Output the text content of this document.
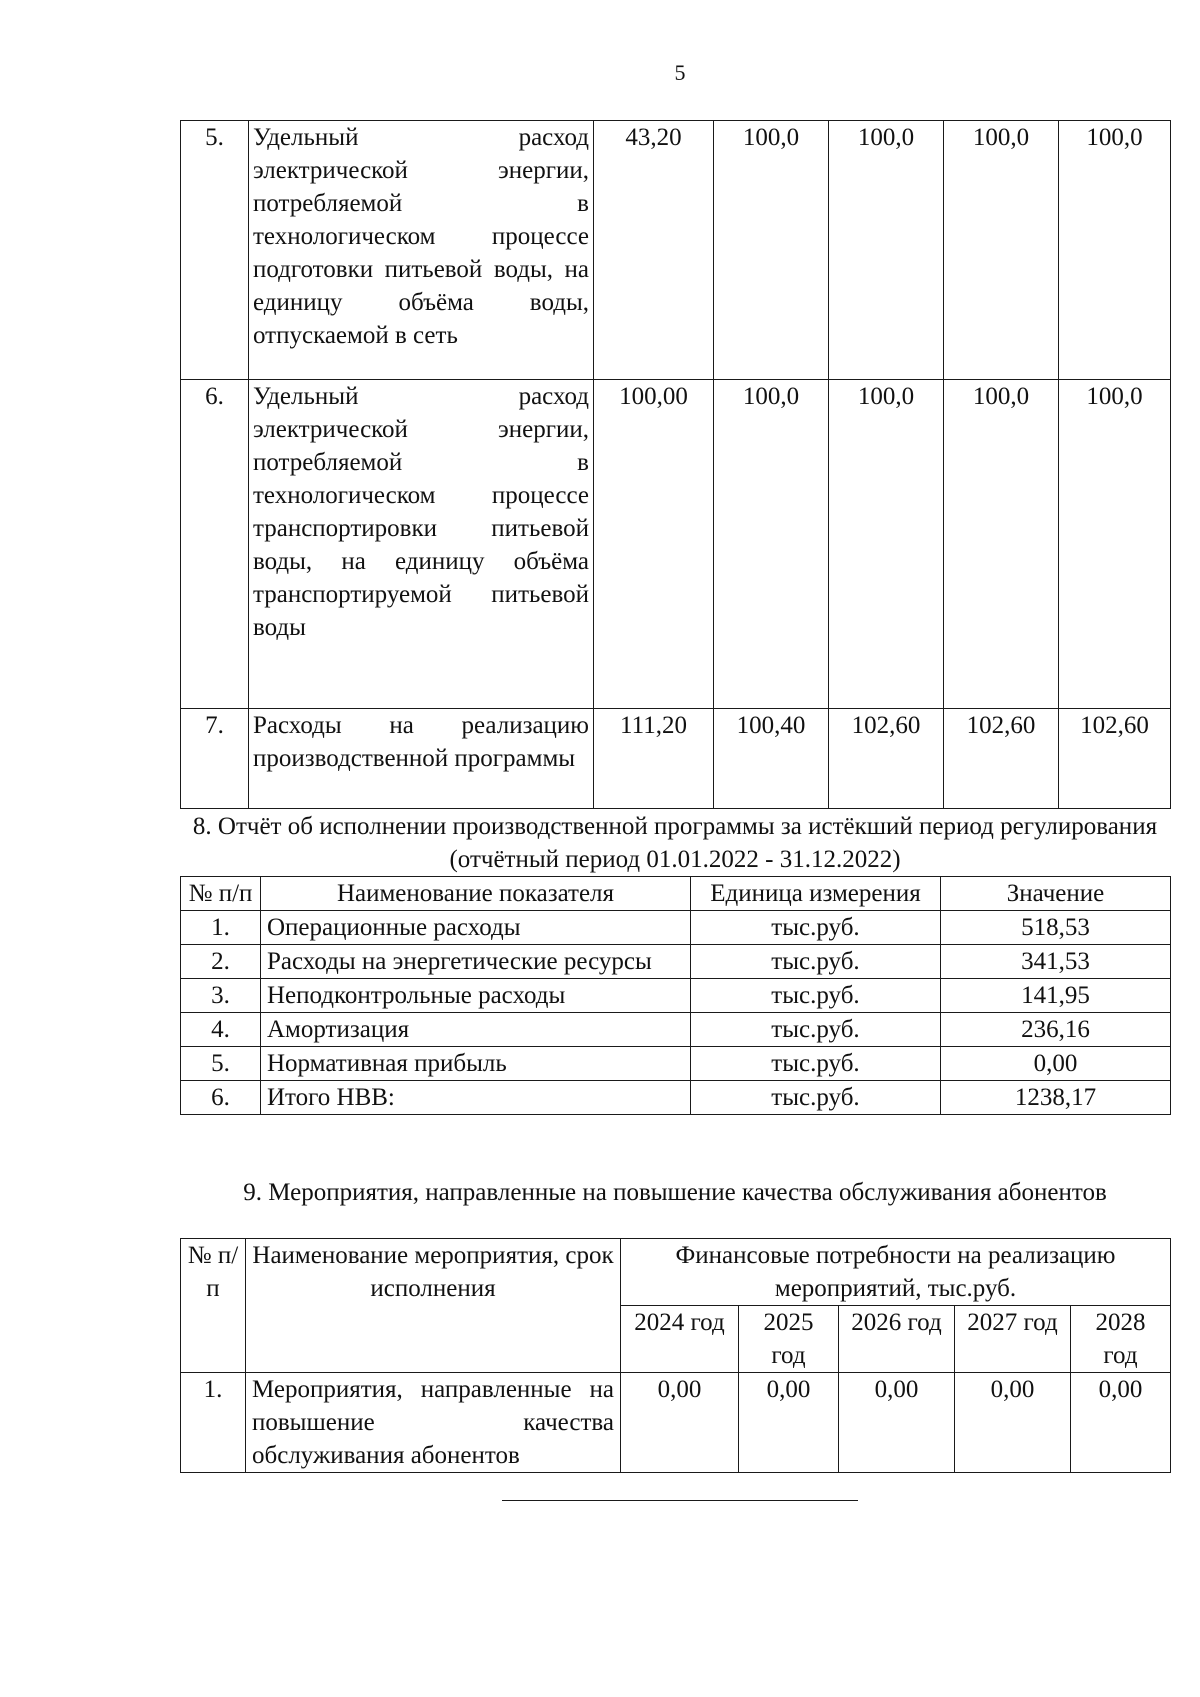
5
5.	Удельный расход электрической энергии, потребляемой в технологическом процессе подготовки питьевой воды, на единицу объёма воды, отпускаемой в сеть	43,20	100,0	100,0	100,0	100,0
6.	Удельный расход электрической энергии, потребляемой в технологическом процессе транспортировки питьевой воды, на единицу объёма транспортируемой питьевой воды	100,00	100,0	100,0	100,0	100,0
7.	Расходы на реализацию производственной программы	111,20	100,40	102,60	102,60	102,60
8. Отчёт об исполнении производственной программы за истёкший период регулирования (отчётный период 01.01.2022 - 31.12.2022)
№ п/п	Наименование показателя	Единица измерения	Значение
1.	Операционные расходы	тыс.руб.	518,53
2.	Расходы на энергетические ресурсы	тыс.руб.	341,53
3.	Неподконтрольные расходы	тыс.руб.	141,95
4.	Амортизация	тыс.руб.	236,16
5.	Нормативная прибыль	тыс.руб.	0,00
6.	Итого НВВ:	тыс.руб.	1238,17
9. Мероприятия, направленные на повышение качества обслуживания абонентов
№ п/п	Наименование мероприятия, срок исполнения	Финансовые потребности на реализацию мероприятий, тыс.руб.				
		2024 год	2025 год	2026 год	2027 год	2028 год
1.	Мероприятия, направленные на повышение качества обслуживания абонентов	0,00	0,00	0,00	0,00	0,00
